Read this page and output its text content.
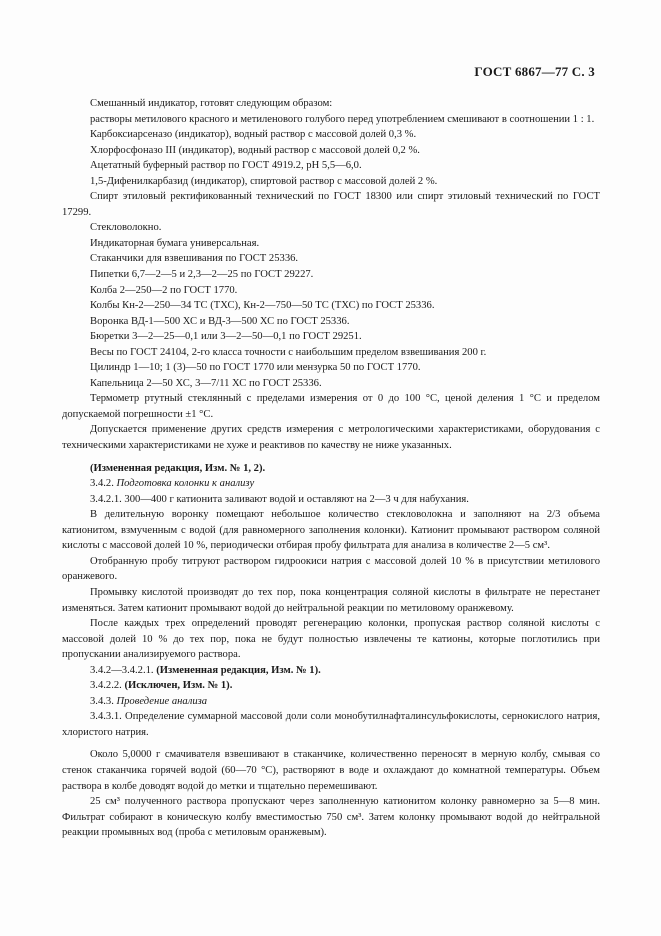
ГОСТ 6867—77 С. 3

Смешанный индикатор, готовят следующим образом:

растворы метилового красного и метиленового голубого перед употреблением смешивают в соотношении 1 : 1.

Карбоксиарсеназо (индикатор), водный раствор с массовой долей 0,3 %.

Хлорфосфоназо III (индикатор), водный раствор с массовой долей 0,2 %.

Ацетатный буферный раствор по ГОСТ 4919.2, pH 5,5—6,0.

1,5-Дифенилкарбазид (индикатор), спиртовой раствор с массовой долей 2 %.

Спирт этиловый ректификованный технический по ГОСТ 18300 или спирт этиловый технический по ГОСТ 17299.

Стекловолокно.

Индикаторная бумага универсальная.

Стаканчики для взвешивания по ГОСТ 25336.

Пипетки 6,7—2—5 и 2,3—2—25 по ГОСТ 29227.

Колба 2—250—2 по ГОСТ 1770.

Колбы Кн-2—250—34 ТС (ТХС), Кн-2—750—50 ТС (ТХС) по ГОСТ 25336.

Воронка ВД-1—500 ХС и ВД-3—500 ХС по ГОСТ 25336.

Бюретки 3—2—25—0,1 или 3—2—50—0,1 по ГОСТ 29251.

Весы по ГОСТ 24104, 2-го класса точности с наибольшим пределом взвешивания 200 г.

Цилиндр 1—10; 1 (3)—50 по ГОСТ 1770 или мензурка 50 по ГОСТ 1770.

Капельница 2—50 ХС, 3—7/11 ХС по ГОСТ 25336.

Термометр ртутный стеклянный с пределами измерения от 0 до 100 °С, ценой деления 1 °С и пределом допускаемой погрешности ±1 °С.

Допускается применение других средств измерения с метрологическими характеристиками, оборудования с техническими характеристиками не хуже и реактивов по качеству не ниже указанных.

(Измененная редакция, Изм. № 1, 2).

3.4.2. Подготовка колонки к анализу

3.4.2.1. 300—400 г катионита заливают водой и оставляют на 2—3 ч для набухания.

В делительную воронку помещают небольшое количество стекловолокна и заполняют на 2/3 объема катионитом, взмученным с водой (для равномерного заполнения колонки). Катионит промывают раствором соляной кислоты с массовой долей 10 %, периодически отбирая пробу фильтрата для анализа в количестве 2—5 см³.

Отобранную пробу титруют раствором гидроокиси натрия с массовой долей 10 % в присутствии метилового оранжевого.

Промывку кислотой производят до тех пор, пока концентрация соляной кислоты в фильтрате не перестанет изменяться. Затем катионит промывают водой до нейтральной реакции по метиловому оранжевому.

После каждых трех определений проводят регенерацию колонки, пропуская раствор соляной кислоты с массовой долей 10 % до тех пор, пока не будут полностью извлечены те катионы, которые поглотились при пропускании анализируемого раствора.

3.4.2—3.4.2.1. (Измененная редакция, Изм. № 1).

3.4.2.2. (Исключен, Изм. № 1).

3.4.3. Проведение анализа

3.4.3.1. Определение суммарной массовой доли соли монобутилнафталинсульфокислоты, сернокислого натрия, хлористого натрия.

Около 5,0000 г смачивателя взвешивают в стаканчике, количественно переносят в мерную колбу, смывая со стенок стаканчика горячей водой (60—70 °С), растворяют в воде и охлаждают до комнатной температуры. Объем раствора в колбе доводят водой до метки и тщательно перемешивают.

25 см³ полученного раствора пропускают через заполненную катионитом колонку равномерно за 5—8 мин. Фильтрат собирают в коническую колбу вместимостью 750 см³. Затем колонку промывают водой до нейтральной реакции промывных вод (проба с метиловым оранжевым).
